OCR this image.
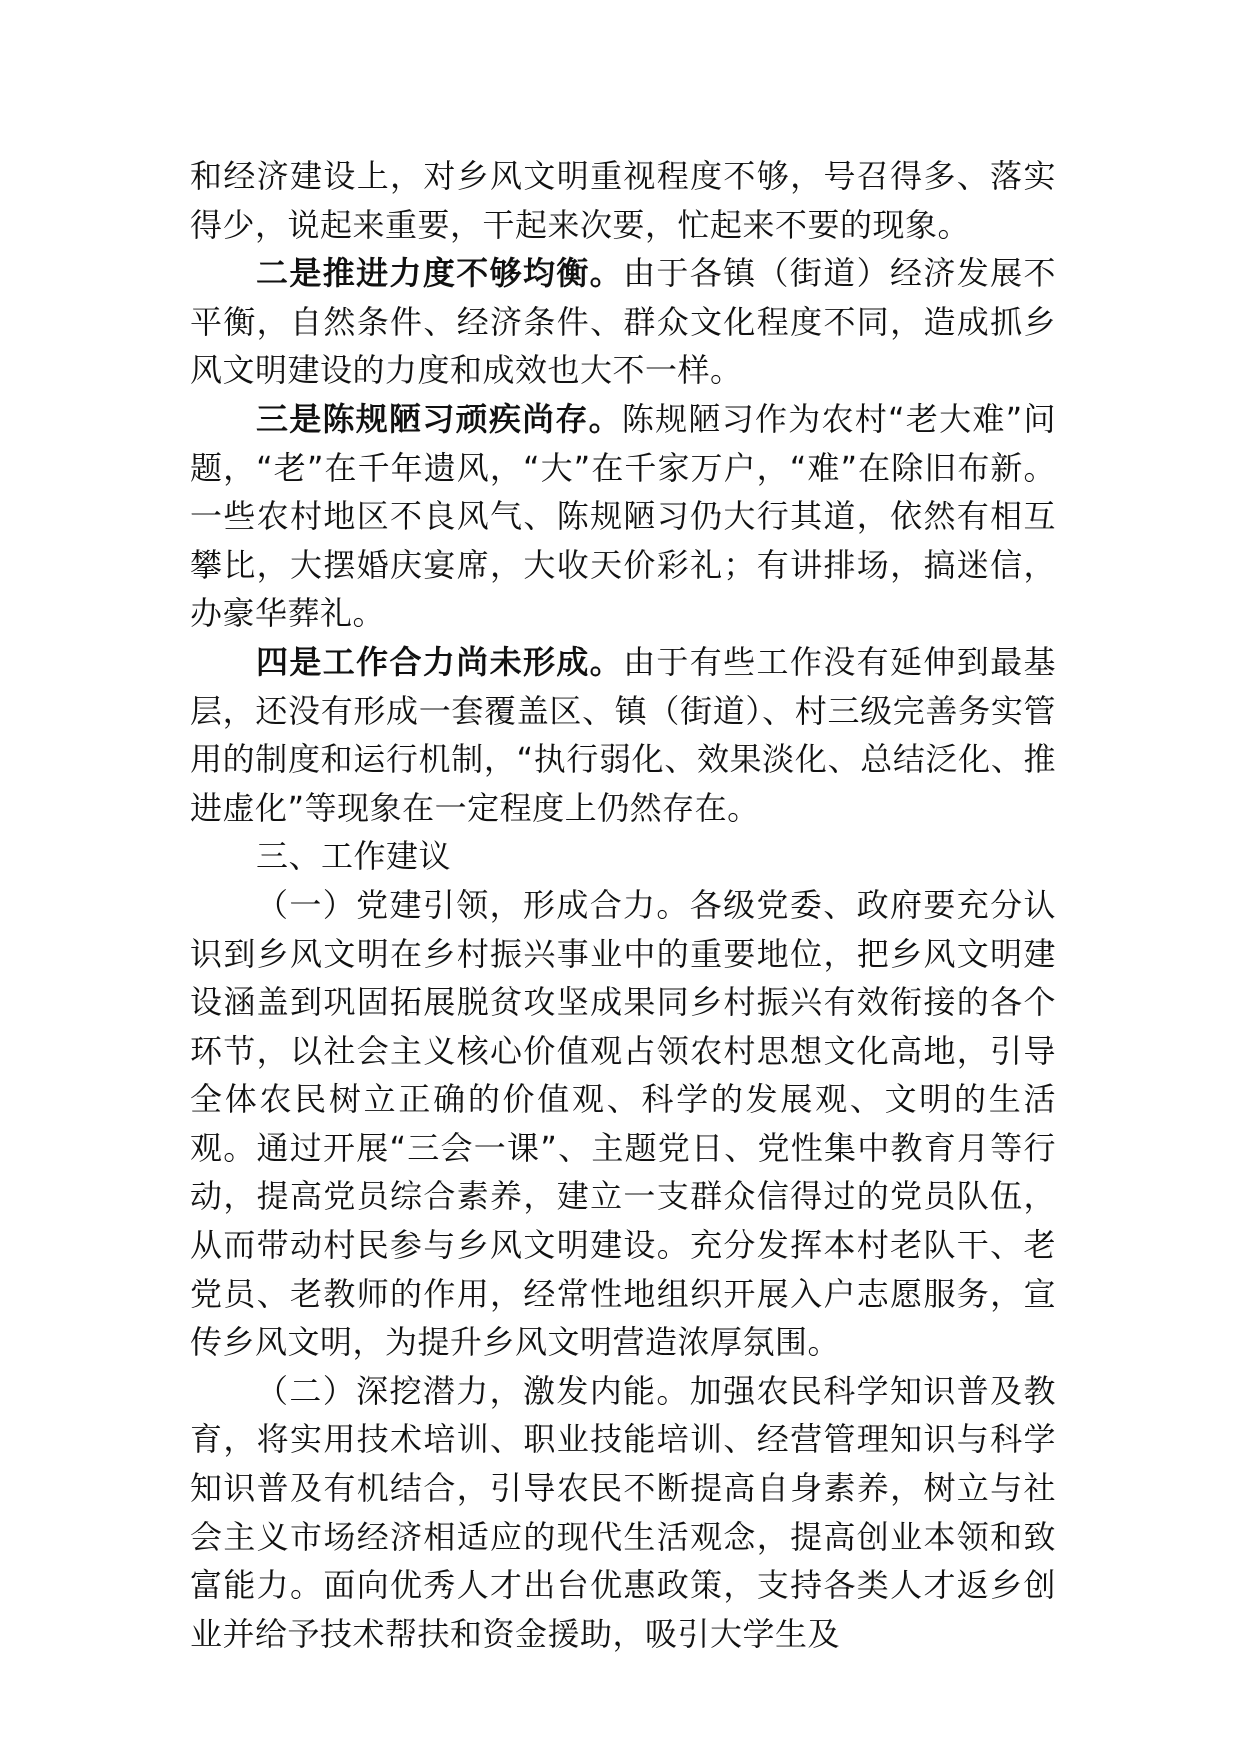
和经济建设上，对乡风文明重视程度不够，号召得多、落实得少，说起来重要，干起来次要，忙起来不要的现象。

二是推进力度不够均衡。由于各镇（街道）经济发展不平衡，自然条件、经济条件、群众文化程度不同，造成抓乡风文明建设的力度和成效也大不一样。

三是陈规陋习顽疾尚存。陈规陋习作为农村“老大难”问题，“老”在千年遗风，“大”在千家万户，“难”在除旧布新。一些农村地区不良风气、陈规陋习仍大行其道，依然有相互攀比，大摆婚庆宴席，大收天价彩礼；有讲排场，搞迷信，办豪华葬礼。

四是工作合力尚未形成。由于有些工作没有延伸到最基层，还没有形成一套覆盖区、镇（街道）、村三级完善务实管用的制度和运行机制，“执行弱化、效果淡化、总结泛化、推进虚化”等现象在一定程度上仍然存在。

三、工作建议

（一）党建引领，形成合力。各级党委、政府要充分认识到乡风文明在乡村振兴事业中的重要地位，把乡风文明建设涵盖到巩固拓展脱贫攻坚成果同乡村振兴有效衔接的各个环节，以社会主义核心价值观占领农村思想文化高地，引导全体农民树立正确的价值观、科学的发展观、文明的生活观。通过开展“三会一课”、主题党日、党性集中教育月等行动，提高党员综合素养，建立一支群众信得过的党员队伍，从而带动村民参与乡风文明建设。充分发挥本村老队干、老党员、老教师的作用，经常性地组织开展入户志愿服务，宣传乡风文明，为提升乡风文明营造浓厚氛围。

（二）深挖潜力，激发内能。加强农民科学知识普及教育，将实用技术培训、职业技能培训、经营管理知识与科学知识普及有机结合，引导农民不断提高自身素养，树立与社会主义市场经济相适应的现代生活观念，提高创业本领和致富能力。面向优秀人才出台优惠政策，支持各类人才返乡创业并给予技术帮扶和资金援助，吸引大学生及
